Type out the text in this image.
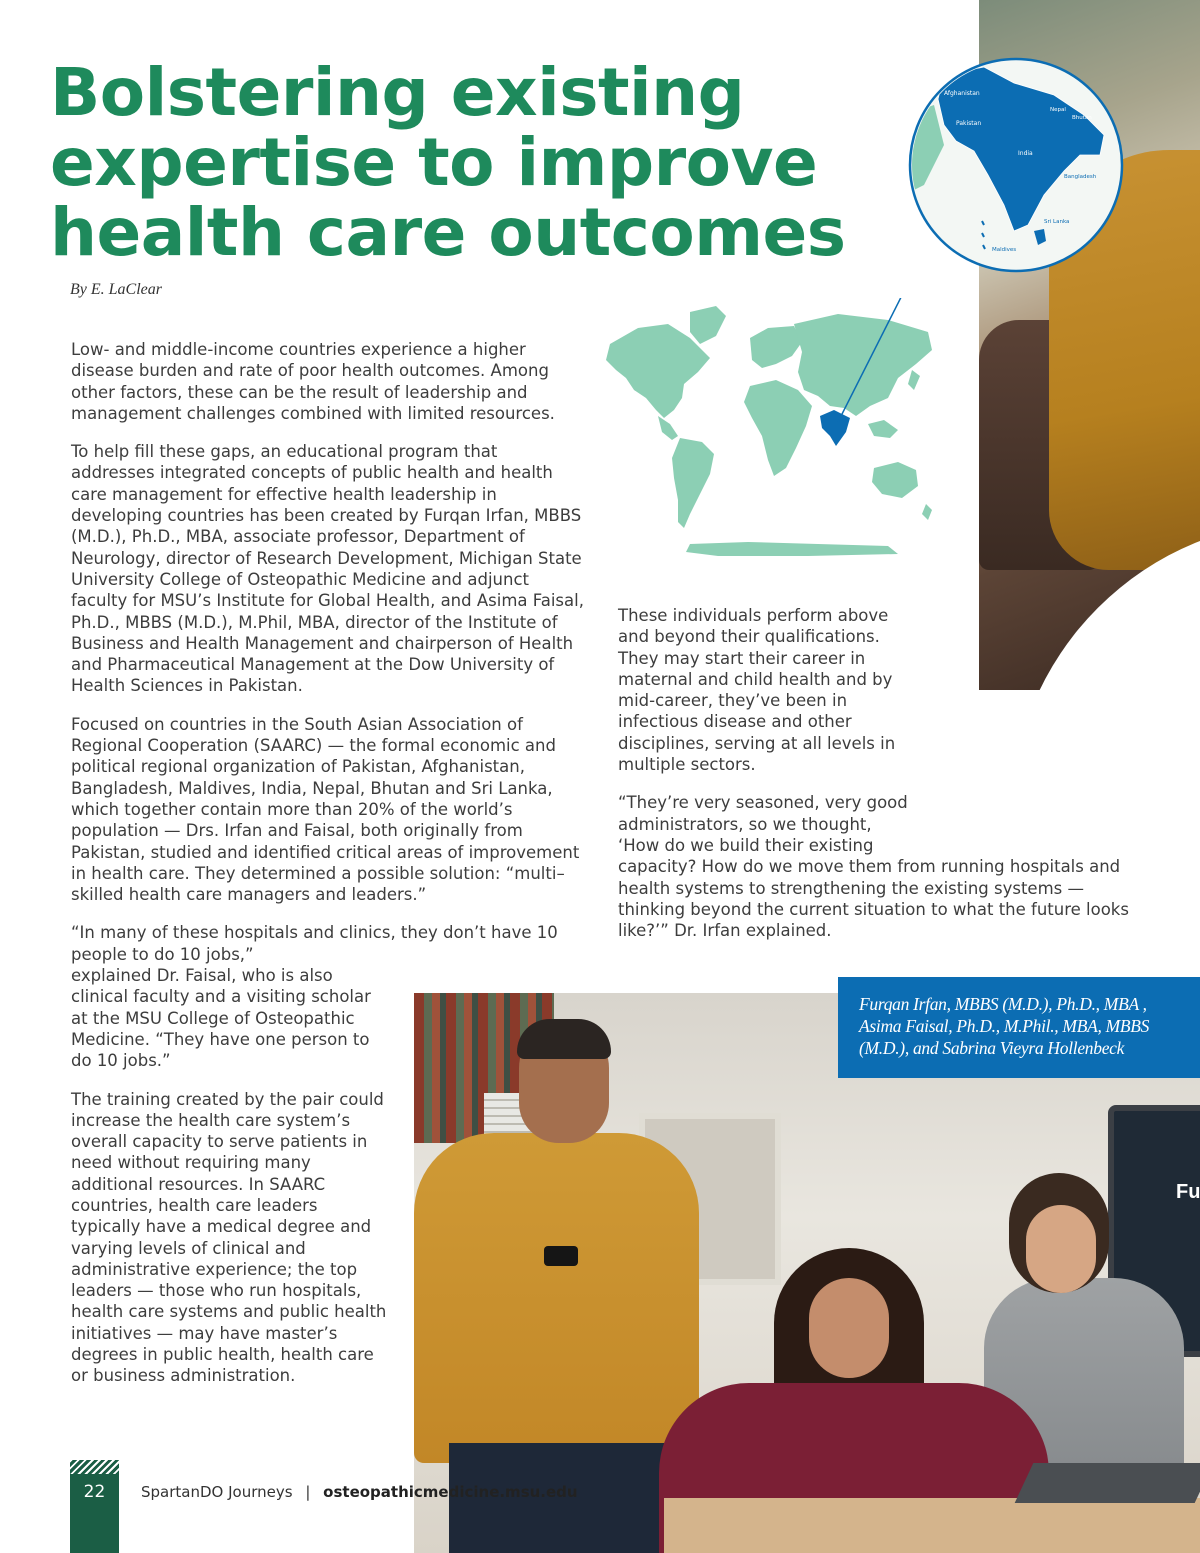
Bolstering existing expertise to improve health care outcomes
By E. LaClear
Afghanistan
Pakistan
Nepal
Bhutan
India
Bangladesh
Sri Lanka
Maldives

Low- and middle-income countries experience a higher disease burden and rate of poor health outcomes. Among other factors, these can be the result of leadership and management challenges combined with limited resources.

To help fill these gaps, an educational program that addresses integrated concepts of public health and health care management for effective health leadership in developing countries has been created by Furqan Irfan, MBBS (M.D.), Ph.D., MBA, associate professor, Department of Neurology, director of Research Development, Michigan State University College of Osteopathic Medicine and adjunct faculty for MSU’s Institute for Global Health, and Asima Faisal, Ph.D., MBBS (M.D.), M.Phil, MBA, director of the Institute of Business and Health Management and chairperson of Health and Pharmaceutical Management at the Dow University of Health Sciences in Pakistan.

Focused on countries in the South Asian Association of Regional Cooperation (SAARC) — the formal economic and political regional organization of Pakistan, Afghanistan, Bangladesh, Maldives, India, Nepal, Bhutan and Sri Lanka, which together contain more than 20% of the world’s population — Drs. Irfan and Faisal, both originally from Pakistan, studied and identified critical areas of improvement in health care. They determined a possible solution: “multi–skilled health care managers and leaders.”

“In many of these hospitals and clinics, they don’t have 10 people to do 10 jobs,”

explained Dr. Faisal, who is also clinical faculty and a visiting scholar at the MSU College of Osteopathic Medicine. “They have one person to do 10 jobs.”

The training created by the pair could increase the health care system’s overall capacity to serve patients in need without requiring many additional resources. In SAARC countries, health care leaders typically have a medical degree and varying levels of clinical and administrative experience; the top leaders — those who run hospitals, health care systems and public health initiatives — may have master’s degrees in public health, health care or business administration.

These individuals perform above and beyond their qualifications. They may start their career in maternal and child health and by mid-career, they’ve been in infectious disease and other disciplines, serving at all levels in multiple sectors.

“They’re very seasoned, very good administrators, so we thought, ‘How do we build their existing

capacity? How do we move them from running hospitals and health systems to strengthening the existing systems — thinking beyond the current situation to what the future looks like?’” Dr. Irfan explained.

Fu

Furqan Irfan, MBBS (M.D.), Ph.D., MBA , Asima Faisal, Ph.D., M.Phil., MBA, MBBS (M.D.), and Sabrina Vieyra Hollenbeck

22	SpartanDO Journeys | osteopathicmedicine.msu.edu
